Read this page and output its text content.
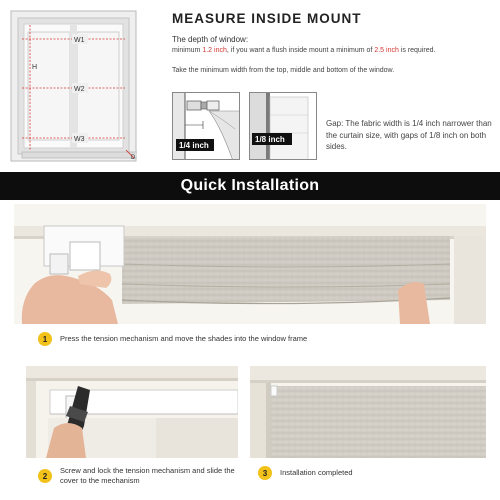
W1
W2
W3
H
D
MEASURE INSIDE MOUNT
The depth of window:
minimum 1.2 inch, if you want a flush inside mount a minimum of 2.5 inch is required.
Take the minimum width from the top, middle and bottom of the window.
1/4 inch
1/8 inch
Gap: The fabric width is 1/4 inch narrower than the curtain size, with gaps of 1/8 inch on both sides.
Quick Installation
1	Press the tension mechanism and move the shades into the window frame
2
Screw and lock the tension mechanism and slide the cover to the mechanism
3	Installation completed
